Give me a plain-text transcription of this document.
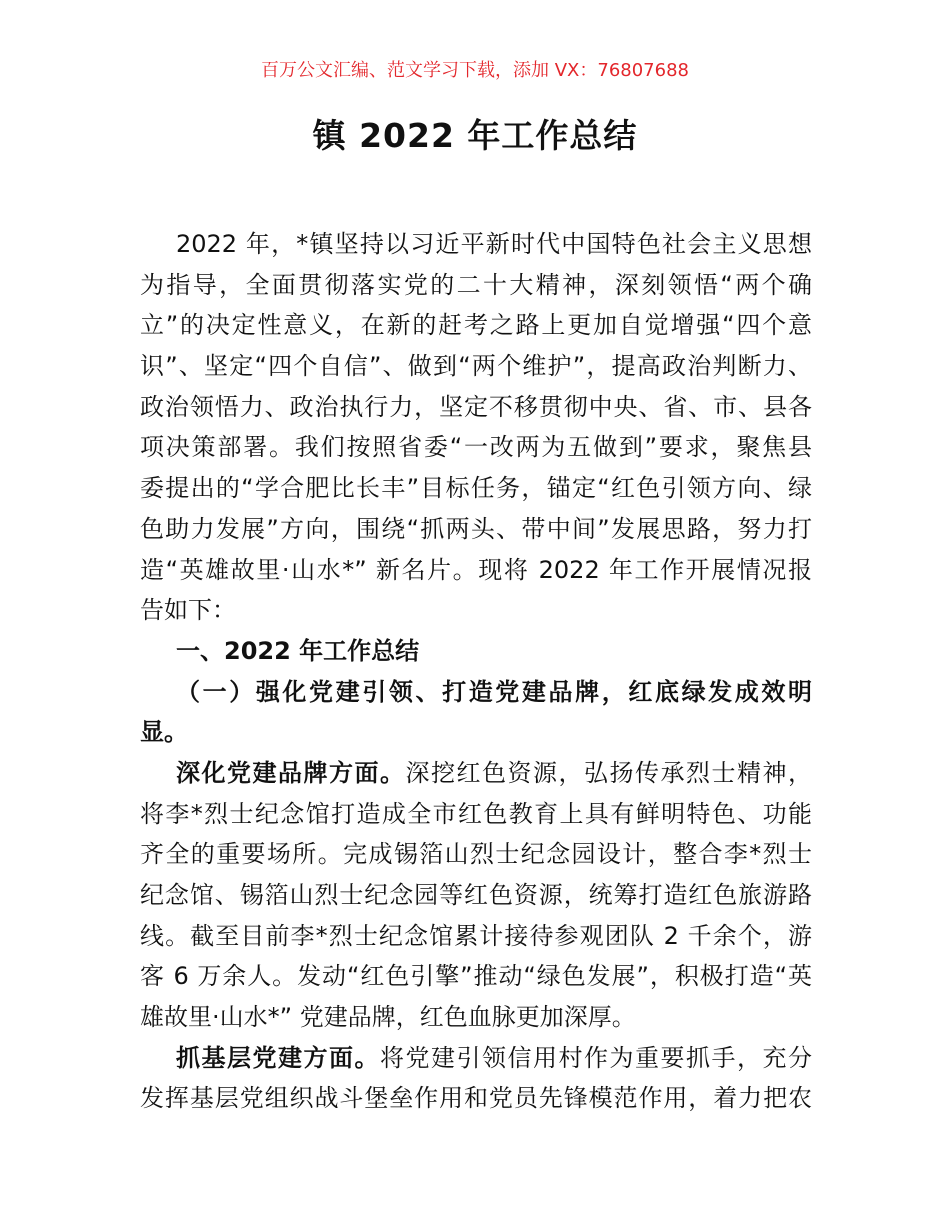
百万公文汇编、范文学习下载，添加 VX：76807688
镇 2022 年工作总结
2022 年，*镇坚持以习近平新时代中国特色社会主义思想
为指导，全面贯彻落实党的二十大精神，深刻领悟“两个确
立”的决定性意义，在新的赶考之路上更加自觉增强“四个意
识”、坚定“四个自信”、做到“两个维护”，提高政治判断力、
政治领悟力、政治执行力，坚定不移贯彻中央、省、市、县各
项决策部署。我们按照省委“一改两为五做到”要求，聚焦县
委提出的“学合肥比长丰”目标任务，锚定“红色引领方向、绿
色助力发展”方向，围绕“抓两头、带中间”发展思路，努力打
造“英雄故里·山水*” 新名片。现将 2022 年工作开展情况报
告如下：
一、2022 年工作总结
（一）强化党建引领、打造党建品牌，红底绿发成效明
显。
深化党建品牌方面。深挖红色资源，弘扬传承烈士精神，
将李*烈士纪念馆打造成全市红色教育上具有鲜明特色、功能
齐全的重要场所。完成锡箔山烈士纪念园设计，整合李*烈士
纪念馆、锡箔山烈士纪念园等红色资源，统筹打造红色旅游路
线。截至目前李*烈士纪念馆累计接待参观团队 2 千余个，游
客 6 万余人。发动“红色引擎”推动“绿色发展”，积极打造“英
雄故里·山水*” 党建品牌，红色血脉更加深厚。
抓基层党建方面。将党建引领信用村作为重要抓手，充分
发挥基层党组织战斗堡垒作用和党员先锋模范作用，着力把农
